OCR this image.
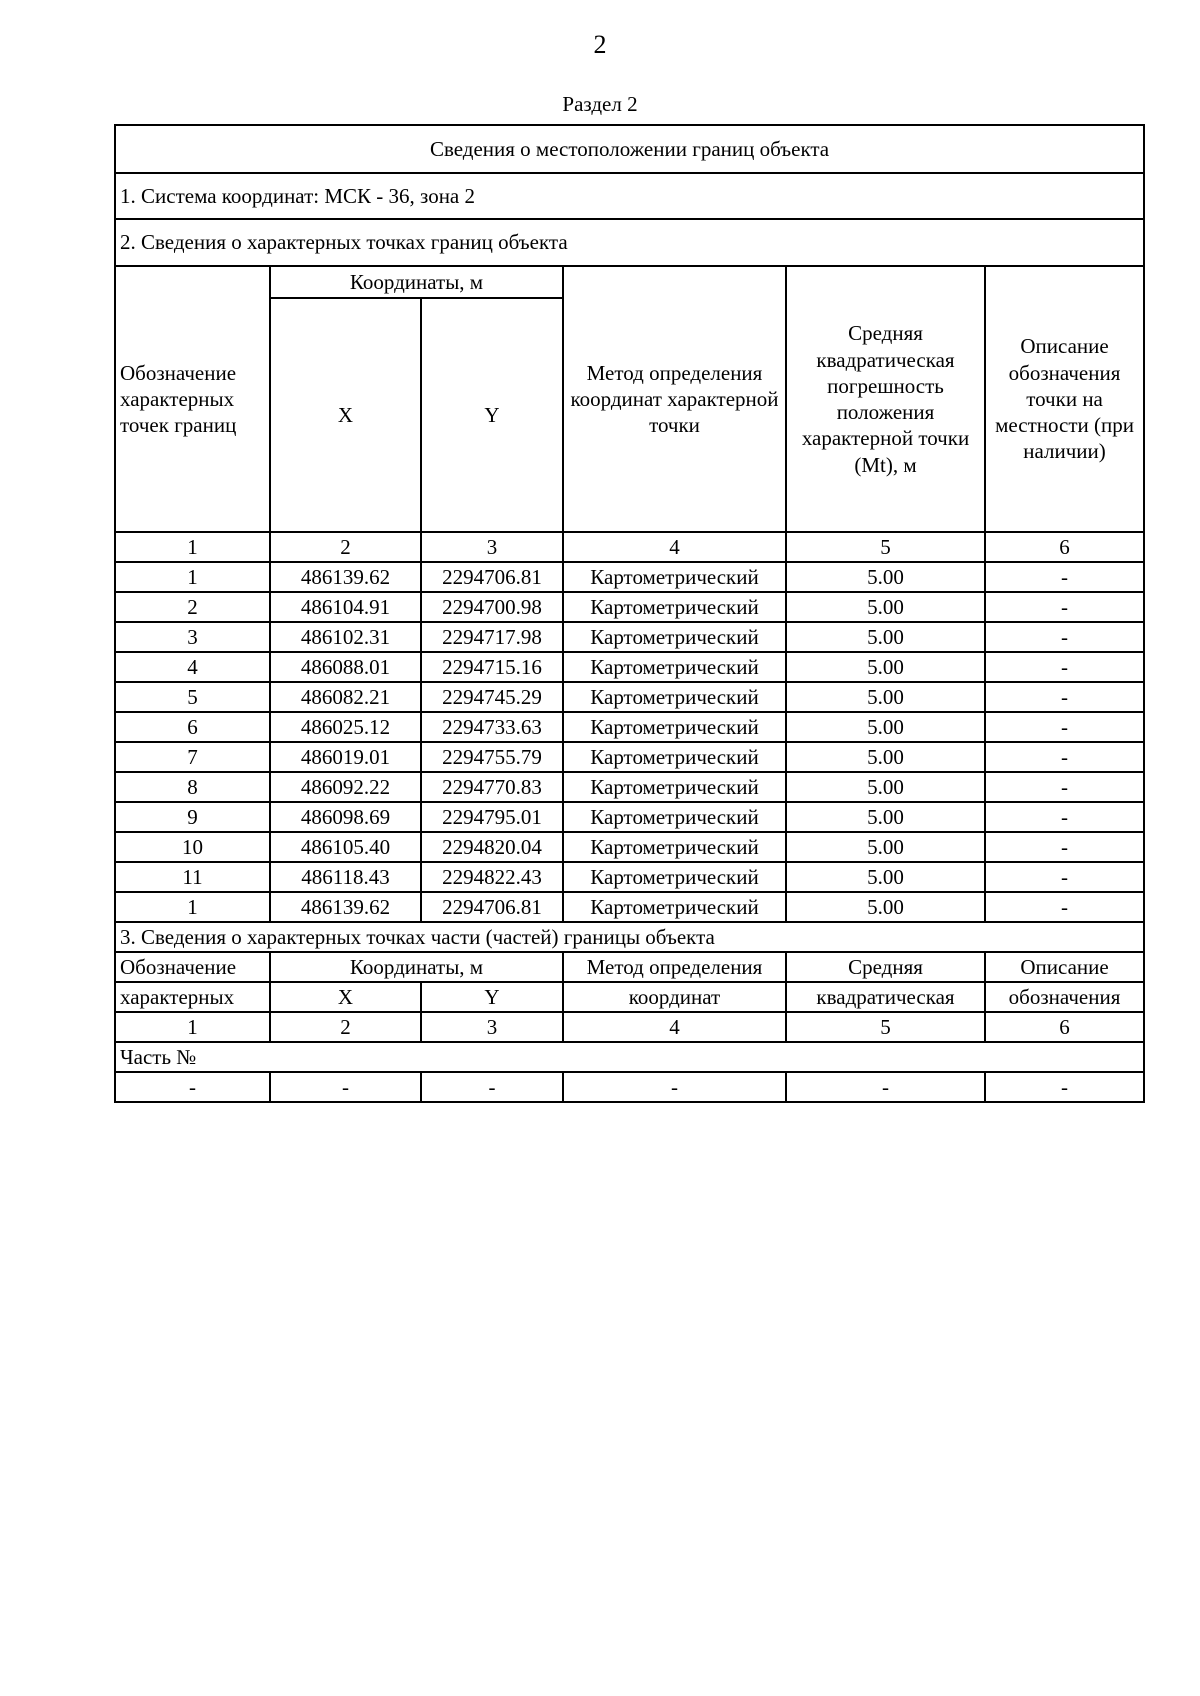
2
Раздел 2
Сведения о местоположении границ объекта					
1. Система координат: МСК - 36, зона 2					
2. Сведения о характерных точках границ объекта					
Обозначение характерных точек границ	Координаты, м		Метод определения координат характерной точки	Средняя квадратическая погрешность положения характерной точки (Mt), м	Описание обозначения точки на местности (при наличии)
	X	Y			
1	2	3	4	5	6
1	486139.62	2294706.81	Картометрический	5.00	-
2	486104.91	2294700.98	Картометрический	5.00	-
3	486102.31	2294717.98	Картометрический	5.00	-
4	486088.01	2294715.16	Картометрический	5.00	-
5	486082.21	2294745.29	Картометрический	5.00	-
6	486025.12	2294733.63	Картометрический	5.00	-
7	486019.01	2294755.79	Картометрический	5.00	-
8	486092.22	2294770.83	Картометрический	5.00	-
9	486098.69	2294795.01	Картометрический	5.00	-
10	486105.40	2294820.04	Картометрический	5.00	-
11	486118.43	2294822.43	Картометрический	5.00	-
1	486139.62	2294706.81	Картометрический	5.00	-
3. Сведения о характерных точках части (частей) границы объекта					
Обозначение	Координаты, м		Метод определения	Средняя	Описание
характерных	X	Y	координат	квадратическая	обозначения
1	2	3	4	5	6
Часть №					
-	-	-	-	-	-
